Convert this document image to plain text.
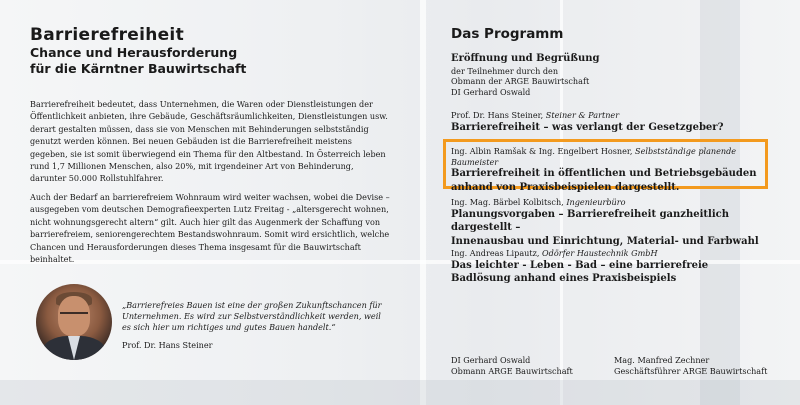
Barrierefreiheit
Chance und Herausforderung
für die Kärntner Bauwirtschaft

Barrierefreiheit bedeutet, dass Unternehmen, die Waren oder Dienstleistungen der Öffentlichkeit anbieten, ihre Gebäude, Geschäftsräumlichkeiten, Dienstleistungen usw. derart gestalten müssen, dass sie von Menschen mit Behinderungen selbstständig genutzt werden können. Bei neuen Gebäuden ist die Barrierefreiheit meistens gegeben, sie ist somit überwiegend ein Thema für den Altbestand. In Österreich leben rund 1,7 Millionen Menschen, also 20%, mit irgendeiner Art von Behinderung, darunter 50.000 Rollstuhlfahrer.

Auch der Bedarf an barrierefreiem Wohnraum wird weiter wachsen, wobei die Devise – ausgegeben vom deutschen Demografieexperten Lutz Freitag - „altersgerecht wohnen, nicht wohnungsgerecht altern“ gilt. Auch hier gilt das Augenmerk der Schaffung von barrierefreiem, seniorengerechtem Bestandswohnraum. Somit wird ersichtlich, welche Chancen und Herausforderungen dieses Thema insgesamt für die Bauwirtschaft beinhaltet.

„Barrierefreies Bauen ist eine der großen Zukunftschancen für Unternehmen. Es wird zur Selbstverständlichkeit werden, weil es sich hier um richtiges und gutes Bauen handelt.“
Prof. Dr. Hans Steiner
Das Programm
Eröffnung und Begrüßung
der Teilnehmer durch den
Obmann der ARGE Bauwirtschaft
DI Gerhard Oswald
Prof. Dr. Hans Steiner, Steiner & Partner
Barrierefreiheit – was verlangt der Gesetzgeber?
Ing. Albin Ramšak & Ing. Engelbert Hosner, Selbstständige planende Baumeister
Barrierefreiheit in öffentlichen und Betriebsgebäuden
anhand von Praxisbeispielen dargestellt.
Ing. Mag. Bärbel Kolbitsch, Ingenieurbüro
Planungsvorgaben – Barrierefreiheit ganzheitlich dargestellt –
Innenausbau und Einrichtung, Material- und Farbwahl
Ing. Andreas Lipautz, Odörfer Haustechnik GmbH
Das leichter - Leben - Bad – eine barrierefreie
Badlösung anhand eines Praxisbeispiels
DI Gerhard Oswald
Obmann ARGE Bauwirtschaft
Mag. Manfred Zechner
Geschäftsführer ARGE Bauwirtschaft
